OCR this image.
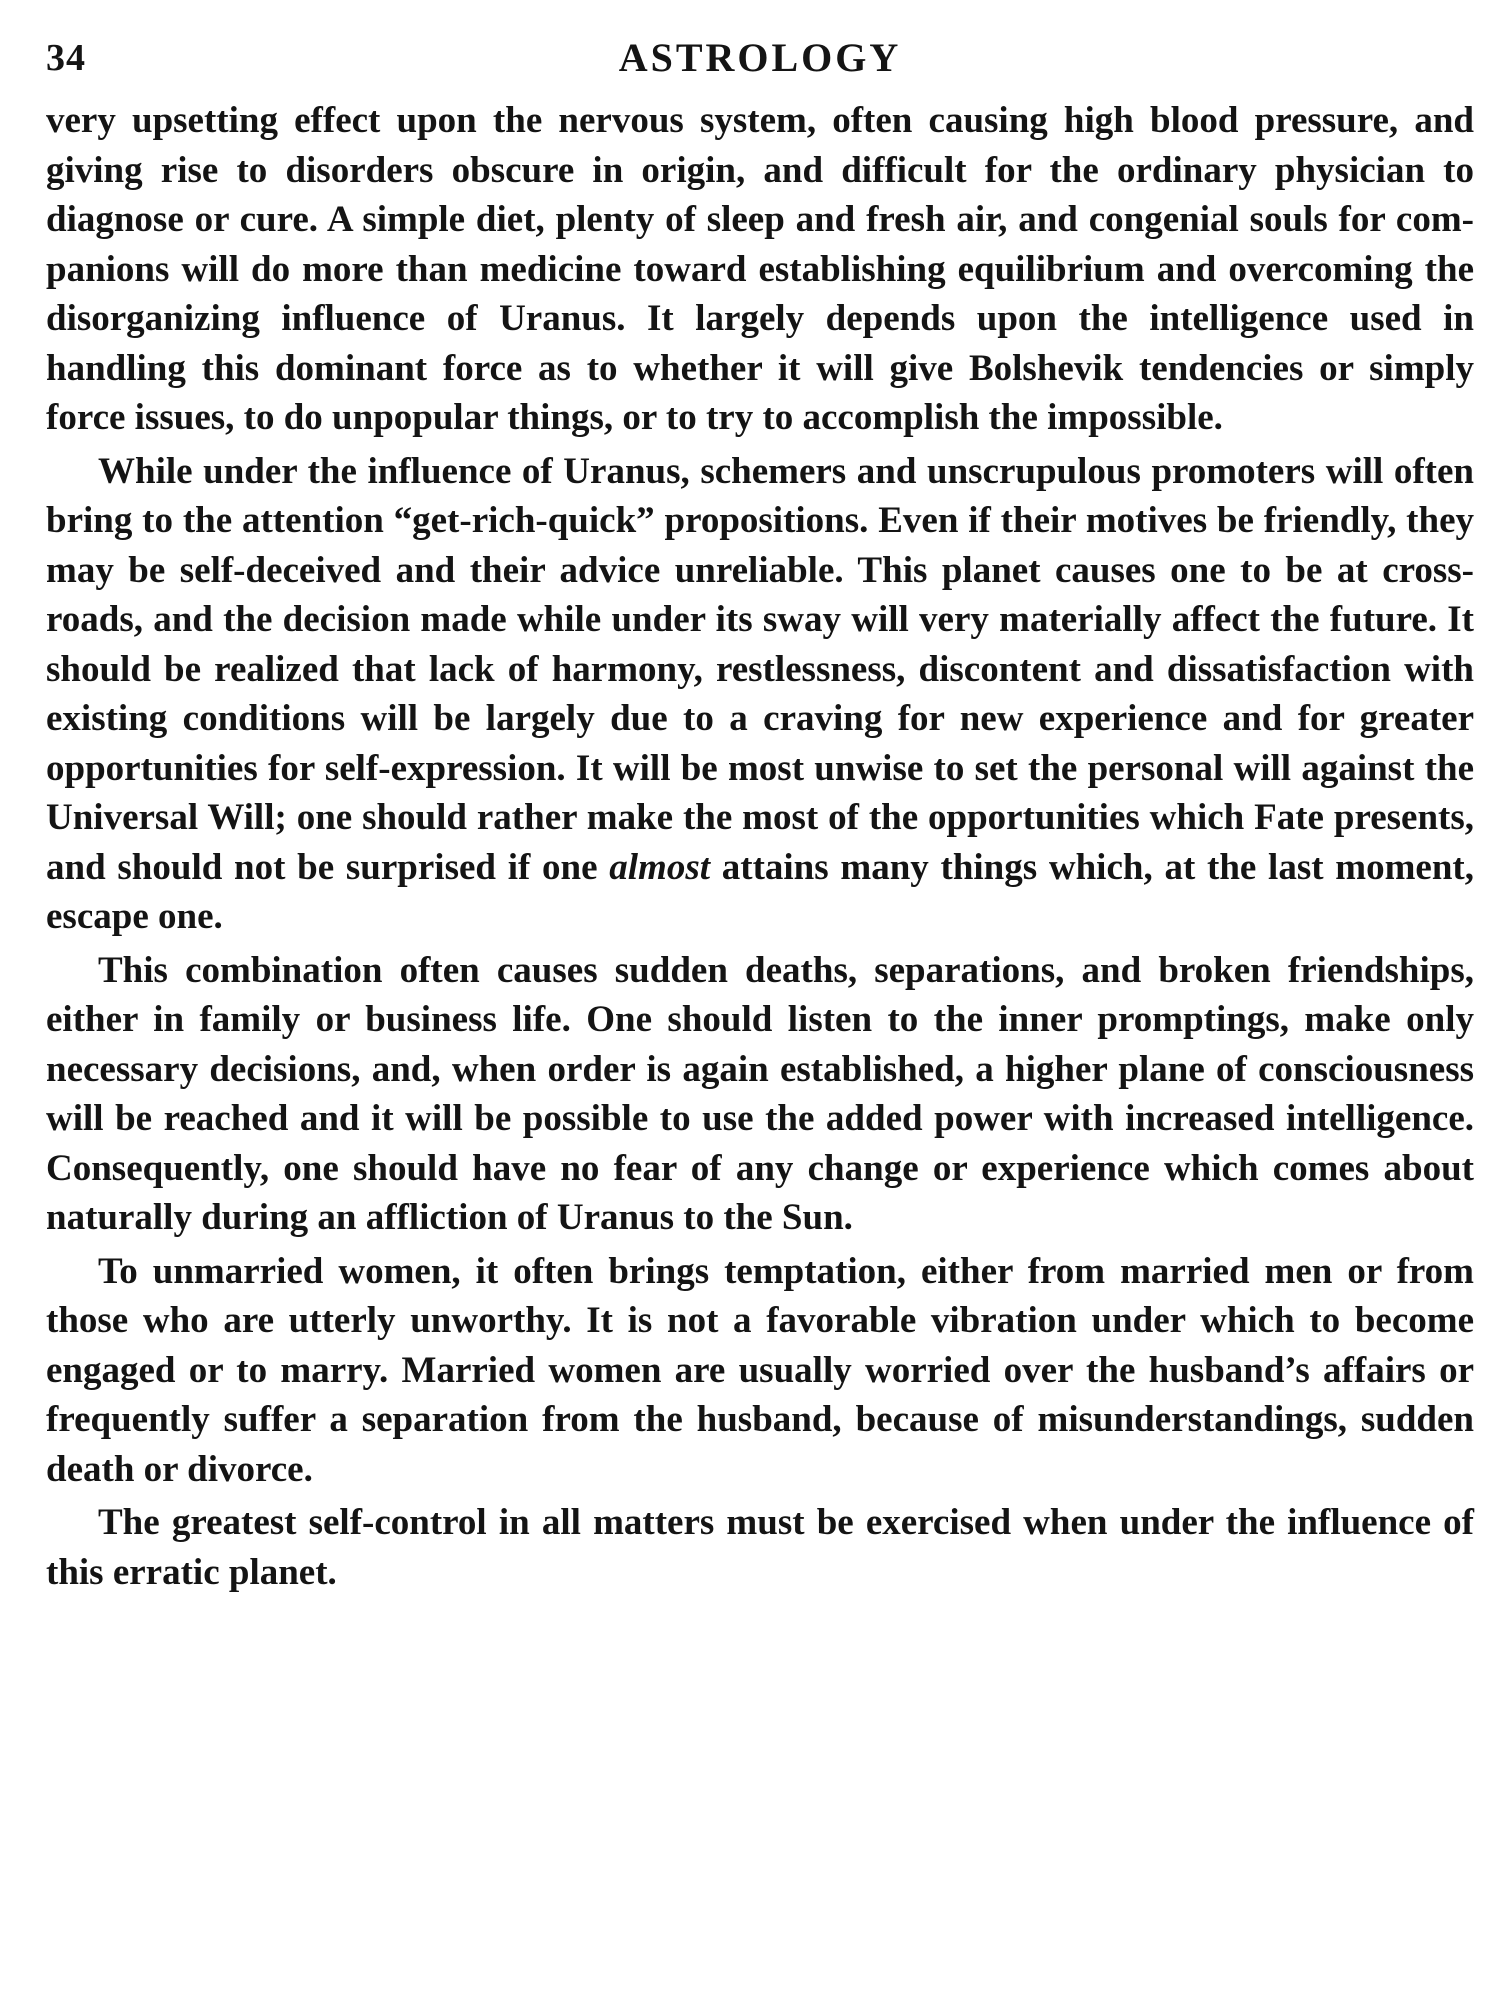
34	ASTROLOGY

very upsetting effect upon the nervous system, often causing high blood pressure, and giving rise to disorders obscure in origin, and difficult for the ordinary physician to diagnose or cure. A simple diet, plenty of sleep and fresh air, and congenial souls for companions will do more than medicine toward establishing equilibrium and overcoming the disorganizing influence of Uranus. It largely depends upon the intelligence used in handling this dominant force as to whether it will give Bolshevik tendencies or simply force issues, to do unpopular things, or to try to accomplish the impossible.

While under the influence of Uranus, schemers and unscrupulous promoters will often bring to the attention “get-rich-quick” propositions. Even if their motives be friendly, they may be self-deceived and their advice unreliable. This planet causes one to be at crossroads, and the decision made while under its sway will very materially affect the future. It should be realized that lack of harmony, restlessness, discontent and dissatisfaction with existing conditions will be largely due to a craving for new experience and for greater opportunities for self-expression. It will be most unwise to set the personal will against the Universal Will; one should rather make the most of the opportunities which Fate presents, and should not be surprised if one almost attains many things which, at the last moment, escape one.

This combination often causes sudden deaths, separations, and broken friendships, either in family or business life. One should listen to the inner promptings, make only necessary decisions, and, when order is again established, a higher plane of consciousness will be reached and it will be possible to use the added power with increased intelligence. Consequently, one should have no fear of any change or experience which comes about naturally during an affliction of Uranus to the Sun.

To unmarried women, it often brings temptation, either from married men or from those who are utterly unworthy. It is not a favorable vibration under which to become engaged or to marry. Married women are usually worried over the husband’s affairs or frequently suffer a separation from the husband, because of misunderstandings, sudden death or divorce.

The greatest self-control in all matters must be exercised when under the influence of this erratic planet.
